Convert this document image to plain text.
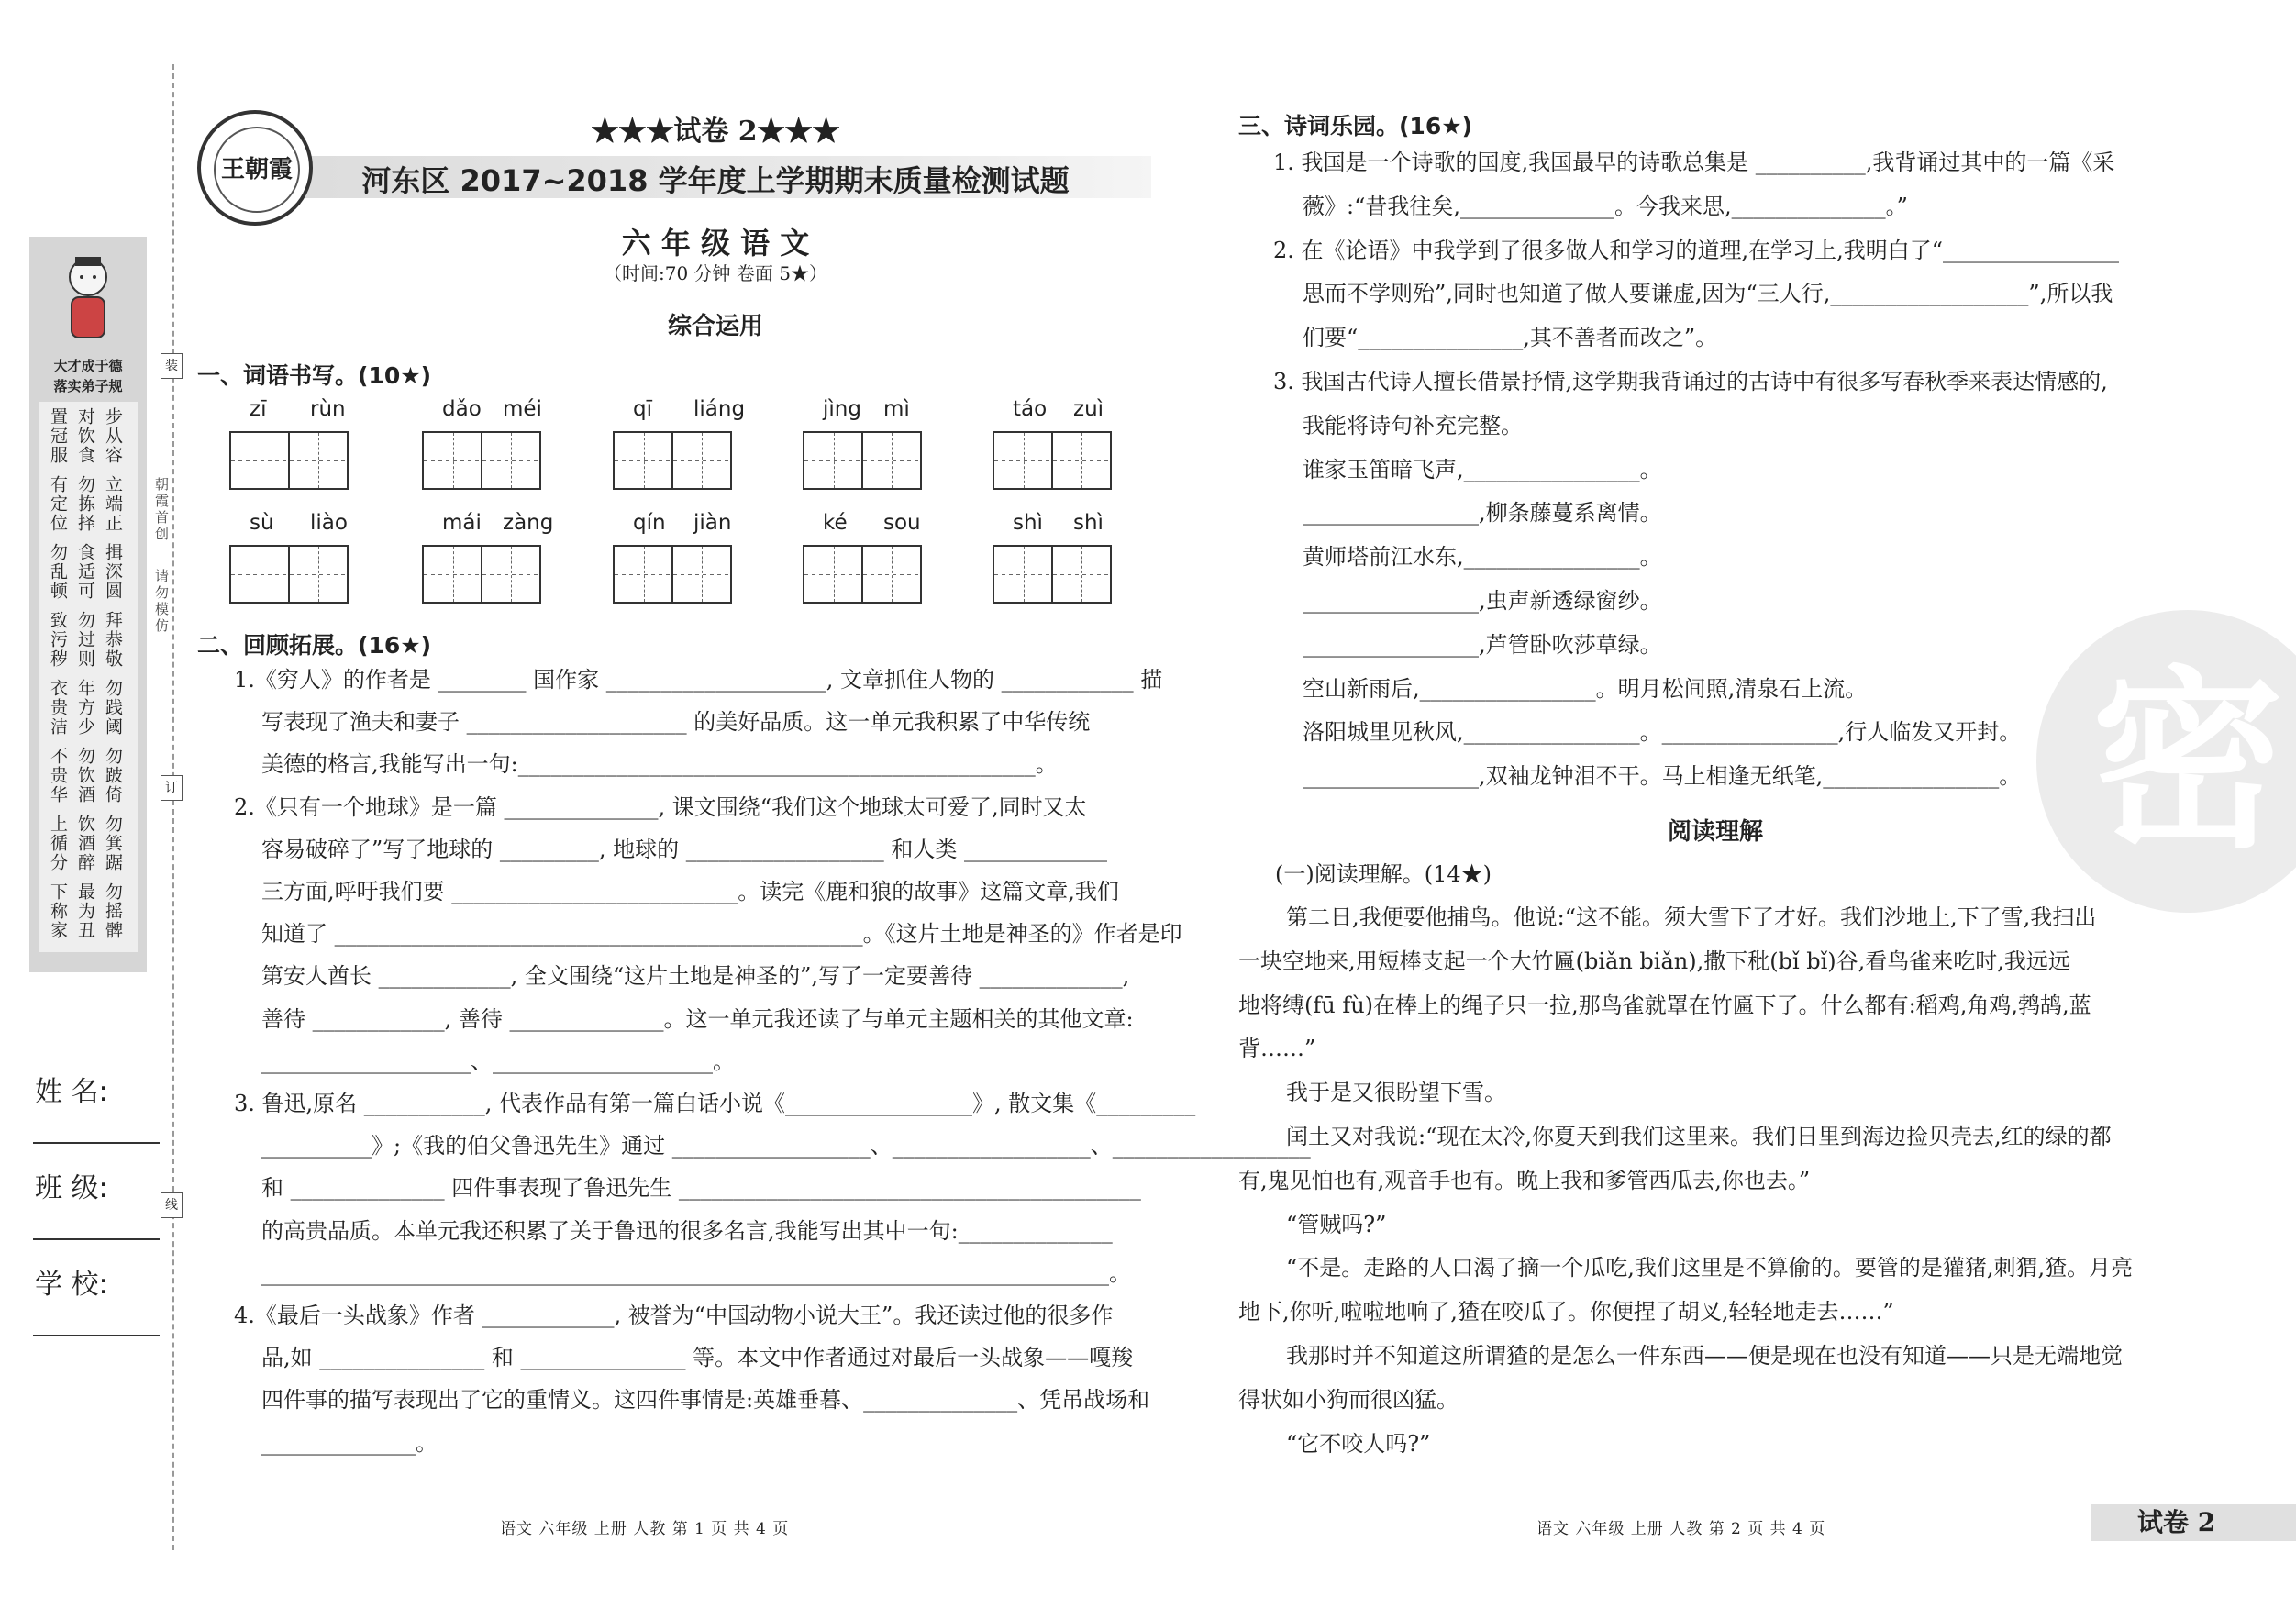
大才成于德
落实弟子规
步从容
对饮食
置冠服
立端正
勿拣择
有定位
揖深圆
食适可
勿乱顿
拜恭敬
勿过则
致污秽
勿践阈
年方少
衣贵洁
勿跛倚
勿饮酒
不贵华
勿箕踞
饮酒醉
上循分
勿摇髀
最为丑
下称家
装
订
线
朝霞首创
请勿模仿
姓 名:
班 级:
学 校:
王朝霞
★★★试卷 2★★★
河东区 2017~2018 学年度上学期期末质量检测试题
六 年 级 语 文
（时间:70 分钟 卷面 5★）
综合运用
一、词语书写。(10★)
zī rùn	dǎo méi	qī liáng	jìng mì	táo zuì
sù liào	mái zàng	qín jiàn	ké sou	shì shì
二、回顾拓展。(16★)
1.《穷人》的作者是 ________ 国作家 ____________________, 文章抓住人物的 ____________ 描
写表现了渔夫和妻子 ____________________ 的美好品质。这一单元我积累了中华传统
美德的格言,我能写出一句:_______________________________________________。
2.《只有一个地球》是一篇 ______________, 课文围绕“我们这个地球太可爱了,同时又太
容易破碎了”写了地球的 _________, 地球的 __________________ 和人类 _____________
三方面,呼吁我们要 __________________________。读完《鹿和狼的故事》这篇文章,我们
知道了 ________________________________________________。《这片土地是神圣的》作者是印
第安人酋长 ____________, 全文围绕“这片土地是神圣的”,写了一定要善待 _____________,
善待 ____________, 善待 ______________。这一单元我还读了与单元主题相关的其他文章:
___________________、____________________。
3. 鲁迅,原名 ___________, 代表作品有第一篇白话小说《_________________》, 散文集《_________
__________》;《我的伯父鲁迅先生》通过 __________________、__________________、__________________
和 ______________ 四件事表现了鲁迅先生 __________________________________________
的高贵品质。本单元我还积累了关于鲁迅的很多名言,我能写出其中一句:______________
_____________________________________________________________________________。
4.《最后一头战象》作者 ____________, 被誉为“中国动物小说大王”。我还读过他的很多作
品,如 _______________ 和 _______________ 等。本文中作者通过对最后一头战象——嘎羧
四件事的描写表现出了它的重情义。这四件事情是:英雄垂暮、______________、凭吊战场和
______________。
三、诗词乐园。(16★)
1. 我国是一个诗歌的国度,我国最早的诗歌总集是 __________,我背诵过其中的一篇《采
薇》:“昔我往矣,______________。今我来思,______________。”
2. 在《论语》中我学到了很多做人和学习的道理,在学习上,我明白了“________________
思而不学则殆”,同时也知道了做人要谦虚,因为“三人行,__________________”,所以我
们要“_______________,其不善者而改之”。
3. 我国古代诗人擅长借景抒情,这学期我背诵过的古诗中有很多写春秋季来表达情感的,
我能将诗句补充完整。
谁家玉笛暗飞声,________________。
________________,柳条藤蔓系离情。
黄师塔前江水东,________________。
________________,虫声新透绿窗纱。
________________,芦管卧吹莎草绿。
空山新雨后,________________。明月松间照,清泉石上流。
洛阳城里见秋风,________________。________________,行人临发又开封。
________________,双袖龙钟泪不干。马上相逢无纸笔,________________。
阅读理解
(一)阅读理解。(14★)
第二日,我便要他捕鸟。他说:“这不能。须大雪下了才好。我们沙地上,下了雪,我扫出
一块空地来,用短棒支起一个大竹匾(biǎn biǎn),撒下秕(bǐ bǐ)谷,看鸟雀来吃时,我远远
地将缚(fū fù)在棒上的绳子只一拉,那鸟雀就罩在竹匾下了。什么都有:稻鸡,角鸡,鹁鸪,蓝
背……”
我于是又很盼望下雪。
闰土又对我说:“现在太冷,你夏天到我们这里来。我们日里到海边捡贝壳去,红的绿的都
有,鬼见怕也有,观音手也有。晚上我和爹管西瓜去,你也去。”
“管贼吗?”
“不是。走路的人口渴了摘一个瓜吃,我们这里是不算偷的。要管的是獾猪,刺猬,猹。月亮
地下,你听,啦啦地响了,猹在咬瓜了。你便捏了胡叉,轻轻地走去……”
我那时并不知道这所谓猹的是怎么一件东西——便是现在也没有知道——只是无端地觉
得状如小狗而很凶猛。
“它不咬人吗?”
密
语文 六年级 上册 人教 第 1 页 共 4 页	语文 六年级 上册 人教 第 2 页 共 4 页	试卷 2
